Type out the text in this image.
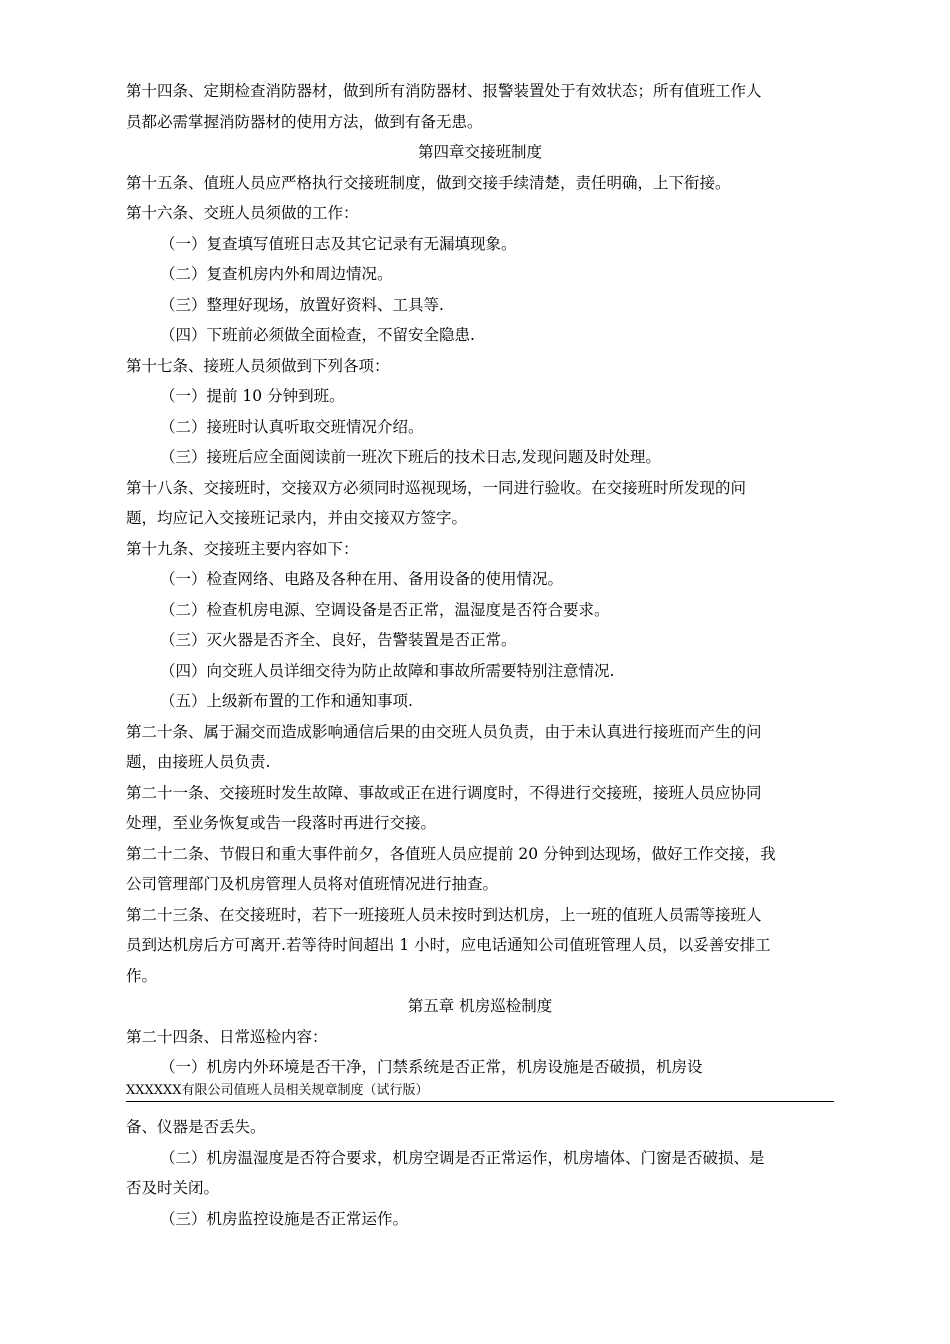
第十四条、定期检查消防器材，做到所有消防器材、报警装置处于有效状态；所有值班工作人
员都必需掌握消防器材的使用方法，做到有备无患。
第四章交接班制度
第十五条、值班人员应严格执行交接班制度，做到交接手续清楚，责任明确，上下衔接。
第十六条、交班人员须做的工作：
（一）复查填写值班日志及其它记录有无漏填现象。
（二）复查机房内外和周边情况。
（三）整理好现场，放置好资料、工具等.
（四）下班前必须做全面检查，不留安全隐患.
第十七条、接班人员须做到下列各项：
（一）提前 10 分钟到班。
（二）接班时认真听取交班情况介绍。
（三）接班后应全面阅读前一班次下班后的技术日志,发现问题及时处理。
第十八条、交接班时，交接双方必须同时巡视现场，一同进行验收。在交接班时所发现的问
题，均应记入交接班记录内，并由交接双方签字。
第十九条、交接班主要内容如下：
（一）检查网络、电路及各种在用、备用设备的使用情况。
（二）检查机房电源、空调设备是否正常，温湿度是否符合要求。
（三）灭火器是否齐全、良好，告警装置是否正常。
（四）向交班人员详细交待为防止故障和事故所需要特别注意情况.
（五）上级新布置的工作和通知事项.
第二十条、属于漏交而造成影响通信后果的由交班人员负责，由于未认真进行接班而产生的问
题，由接班人员负责.
第二十一条、交接班时发生故障、事故或正在进行调度时，不得进行交接班，接班人员应协同
处理，至业务恢复或告一段落时再进行交接。
第二十二条、节假日和重大事件前夕，各值班人员应提前 20 分钟到达现场，做好工作交接，我
公司管理部门及机房管理人员将对值班情况进行抽查。
第二十三条、在交接班时，若下一班接班人员未按时到达机房，上一班的值班人员需等接班人
员到达机房后方可离开.若等待时间超出 1 小时，应电话通知公司值班管理人员，以妥善安排工
作。
第五章 机房巡检制度
第二十四条、日常巡检内容：
（一）机房内外环境是否干净，门禁系统是否正常，机房设施是否破损，机房设
XXXXXX有限公司值班人员相关规章制度（试行版）
备、仪器是否丢失。
（二）机房温湿度是否符合要求，机房空调是否正常运作，机房墙体、门窗是否破损、是
否及时关闭。
（三）机房监控设施是否正常运作。
